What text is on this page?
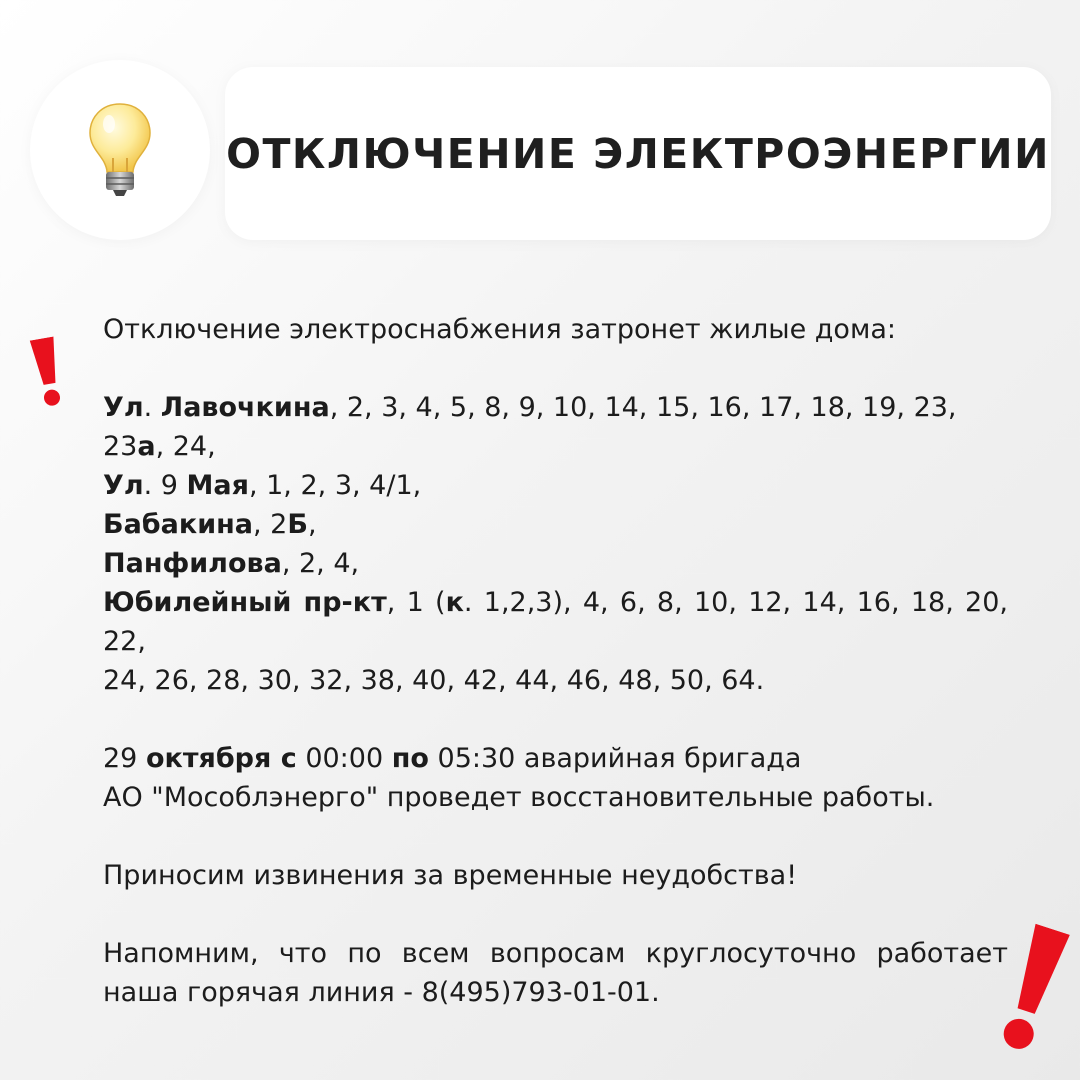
ОТКЛЮЧЕНИЕ ЭЛЕКТРОЭНЕРГИИ

Отключение электроснабжения затронет жилые дома:

Ул. Лавочкина, 2, 3, 4, 5, 8, 9, 10, 14, 15, 16, 17, 18, 19, 23, 23а, 24,

Ул. 9 Мая, 1, 2, 3, 4/1,

Бабакина, 2Б,

Панфилова, 2, 4,

Юбилейный пр-кт, 1 (к. 1,2,3), 4, 6, 8, 10, 12, 14, 16, 18, 20, 22,

24, 26, 28, 30, 32, 38, 40, 42, 44, 46, 48, 50, 64.

29 октября с 00:00 по 05:30 аварийная бригада

АО "Мособлэнерго" проведет восстановительные работы.

Приносим извинения за временные неудобства!

Напомним, что по всем вопросам круглосуточно работает

наша горячая линия - 8(495)793-01-01.
